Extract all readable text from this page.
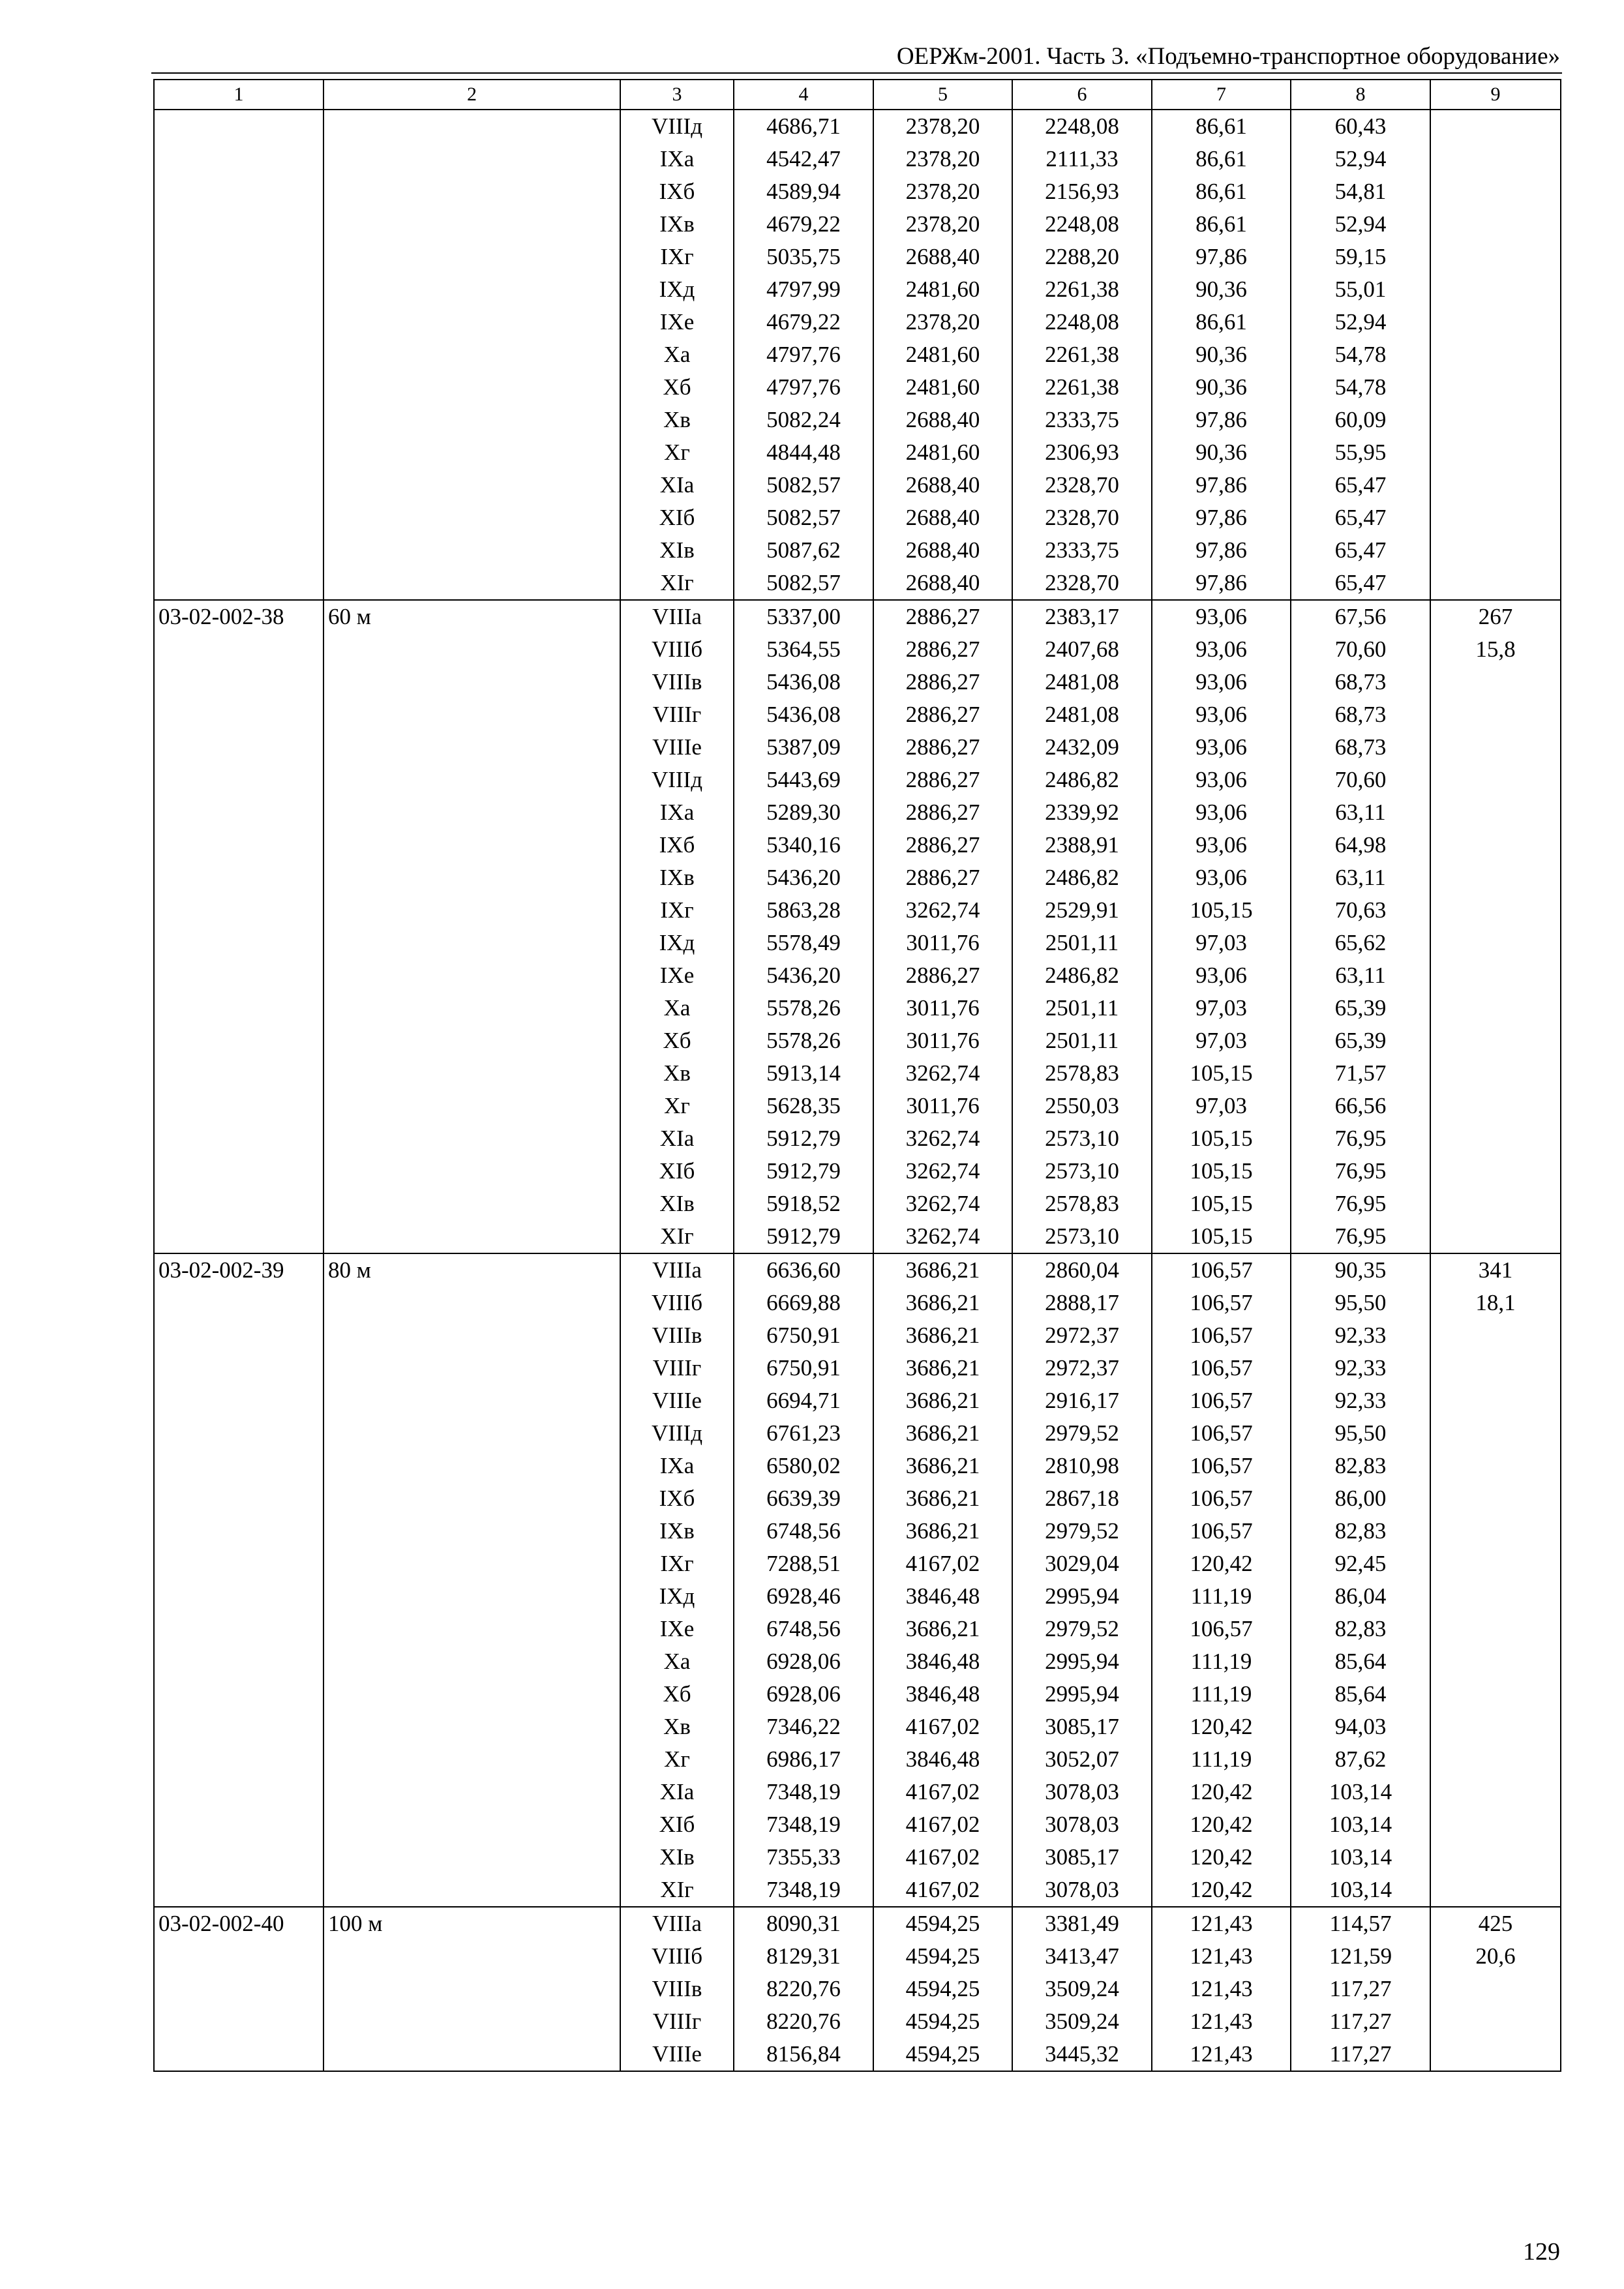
ОЕРЖм-2001. Часть 3. «Подъемно-транспортное оборудование»
1	2	3	4	5	6	7	8	9
		VIIIд	4686,71	2378,20	2248,08	86,61	60,43	
		IXа	4542,47	2378,20	2111,33	86,61	52,94	
		IXб	4589,94	2378,20	2156,93	86,61	54,81	
		IXв	4679,22	2378,20	2248,08	86,61	52,94	
		IXг	5035,75	2688,40	2288,20	97,86	59,15	
		IXд	4797,99	2481,60	2261,38	90,36	55,01	
		IXе	4679,22	2378,20	2248,08	86,61	52,94	
		Xа	4797,76	2481,60	2261,38	90,36	54,78	
		Xб	4797,76	2481,60	2261,38	90,36	54,78	
		Xв	5082,24	2688,40	2333,75	97,86	60,09	
		Xг	4844,48	2481,60	2306,93	90,36	55,95	
		XIа	5082,57	2688,40	2328,70	97,86	65,47	
		XIб	5082,57	2688,40	2328,70	97,86	65,47	
		XIв	5087,62	2688,40	2333,75	97,86	65,47	
		XIг	5082,57	2688,40	2328,70	97,86	65,47	
03-02-002-38	60 м	VIIIа	5337,00	2886,27	2383,17	93,06	67,56	267
		VIIIб	5364,55	2886,27	2407,68	93,06	70,60	15,8
		VIIIв	5436,08	2886,27	2481,08	93,06	68,73	
		VIIIг	5436,08	2886,27	2481,08	93,06	68,73	
		VIIIе	5387,09	2886,27	2432,09	93,06	68,73	
		VIIIд	5443,69	2886,27	2486,82	93,06	70,60	
		IXа	5289,30	2886,27	2339,92	93,06	63,11	
		IXб	5340,16	2886,27	2388,91	93,06	64,98	
		IXв	5436,20	2886,27	2486,82	93,06	63,11	
		IXг	5863,28	3262,74	2529,91	105,15	70,63	
		IXд	5578,49	3011,76	2501,11	97,03	65,62	
		IXе	5436,20	2886,27	2486,82	93,06	63,11	
		Xа	5578,26	3011,76	2501,11	97,03	65,39	
		Xб	5578,26	3011,76	2501,11	97,03	65,39	
		Xв	5913,14	3262,74	2578,83	105,15	71,57	
		Xг	5628,35	3011,76	2550,03	97,03	66,56	
		XIа	5912,79	3262,74	2573,10	105,15	76,95	
		XIб	5912,79	3262,74	2573,10	105,15	76,95	
		XIв	5918,52	3262,74	2578,83	105,15	76,95	
		XIг	5912,79	3262,74	2573,10	105,15	76,95	
03-02-002-39	80 м	VIIIа	6636,60	3686,21	2860,04	106,57	90,35	341
		VIIIб	6669,88	3686,21	2888,17	106,57	95,50	18,1
		VIIIв	6750,91	3686,21	2972,37	106,57	92,33	
		VIIIг	6750,91	3686,21	2972,37	106,57	92,33	
		VIIIе	6694,71	3686,21	2916,17	106,57	92,33	
		VIIIд	6761,23	3686,21	2979,52	106,57	95,50	
		IXа	6580,02	3686,21	2810,98	106,57	82,83	
		IXб	6639,39	3686,21	2867,18	106,57	86,00	
		IXв	6748,56	3686,21	2979,52	106,57	82,83	
		IXг	7288,51	4167,02	3029,04	120,42	92,45	
		IXд	6928,46	3846,48	2995,94	111,19	86,04	
		IXе	6748,56	3686,21	2979,52	106,57	82,83	
		Xа	6928,06	3846,48	2995,94	111,19	85,64	
		Xб	6928,06	3846,48	2995,94	111,19	85,64	
		Xв	7346,22	4167,02	3085,17	120,42	94,03	
		Xг	6986,17	3846,48	3052,07	111,19	87,62	
		XIа	7348,19	4167,02	3078,03	120,42	103,14	
		XIб	7348,19	4167,02	3078,03	120,42	103,14	
		XIв	7355,33	4167,02	3085,17	120,42	103,14	
		XIг	7348,19	4167,02	3078,03	120,42	103,14	
03-02-002-40	100 м	VIIIа	8090,31	4594,25	3381,49	121,43	114,57	425
		VIIIб	8129,31	4594,25	3413,47	121,43	121,59	20,6
		VIIIв	8220,76	4594,25	3509,24	121,43	117,27	
		VIIIг	8220,76	4594,25	3509,24	121,43	117,27	
		VIIIе	8156,84	4594,25	3445,32	121,43	117,27	
129
